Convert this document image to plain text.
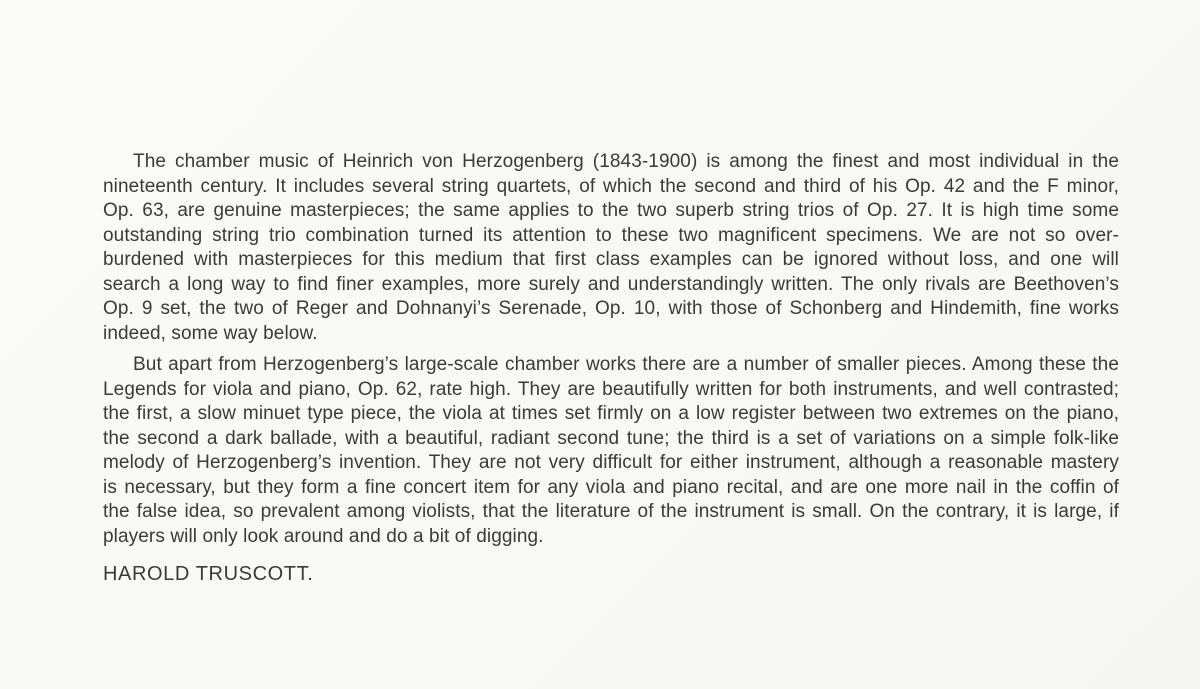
The chamber music of Heinrich von Herzogenberg (1843-1900) is among the finest and most individual in the
nineteenth century. It includes several string quartets, of which the second and third of his Op. 42 and the F minor,
Op. 63, are genuine masterpieces; the same applies to the two superb string trios of Op. 27. It is high time some
outstanding string trio combination turned its attention to these two magnificent specimens. We are not so over-
burdened with masterpieces for this medium that first class examples can be ignored without loss, and one will
search a long way to find finer examples, more surely and understandingly written. The only rivals are Beethoven’s
Op. 9 set, the two of Reger and Dohnanyi’s Serenade, Op. 10, with those of Schonberg and Hindemith, fine works
indeed, some way below.
But apart from Herzogenberg’s large-scale chamber works there are a number of smaller pieces. Among these the
Legends for viola and piano, Op. 62, rate high. They are beautifully written for both instruments, and well contrasted;
the first, a slow minuet type piece, the viola at times set firmly on a low register between two extremes on the piano,
the second a dark ballade, with a beautiful, radiant second tune; the third is a set of variations on a simple folk-like
melody of Herzogenberg’s invention. They are not very difficult for either instrument, although a reasonable mastery
is necessary, but they form a fine concert item for any viola and piano recital, and are one more nail in the coffin of
the false idea, so prevalent among violists, that the literature of the instrument is small. On the contrary, it is large, if
players will only look around and do a bit of digging.
HAROLD TRUSCOTT.
